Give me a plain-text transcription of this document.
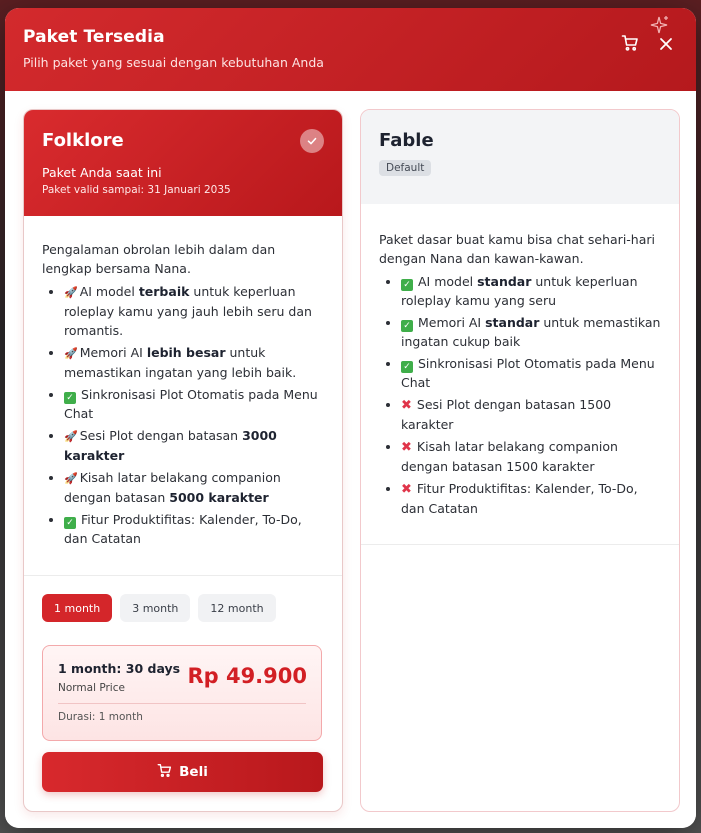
Paket Tersedia
Pilih paket yang sesuai dengan kebutuhan Anda
Folklore
Paket Anda saat ini
Paket valid sampai: 31 Januari 2035
Pengalaman obrolan lebih dalam dan lengkap bersama Nana.
• 🚀 AI model terbaik untuk keperluan roleplay kamu yang jauh lebih seru dan romantis.
• 🚀 Memori AI lebih besar untuk memastikan ingatan yang lebih baik.
• ✓ Sinkronisasi Plot Otomatis pada Menu Chat
• 🚀 Sesi Plot dengan batasan 3000 karakter
• 🚀 Kisah latar belakang companion dengan batasan 5000 karakter
• ✓ Fitur Produktifitas: Kalender, To-Do, dan Catatan
1 month	3 month	12 month
1 month: 30 days
Normal Price	Rp 49.900
Durasi: 1 month
Beli
Fable
Default
Paket dasar buat kamu bisa chat sehari-hari dengan Nana dan kawan-kawan.
• ✓ AI model standar untuk keperluan roleplay kamu yang seru
• ✓ Memori AI standar untuk memastikan ingatan cukup baik
• ✓ Sinkronisasi Plot Otomatis pada Menu Chat
• ✖ Sesi Plot dengan batasan 1500 karakter
• ✖ Kisah latar belakang companion dengan batasan 1500 karakter
• ✖ Fitur Produktifitas: Kalender, To-Do, dan Catatan
